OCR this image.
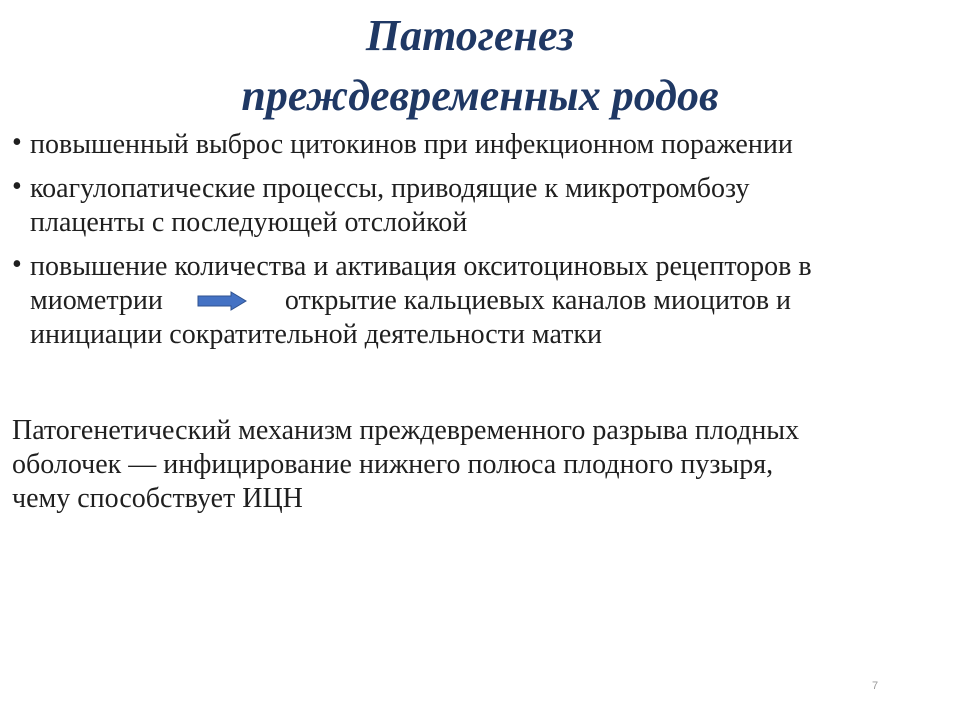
Патогенез
преждевременных родов
• повышенный выброс цитокинов при инфекционном поражении
• коагулопатические процессы, приводящие к микротромбозу
плаценты с последующей отслойкой
• повышение количества и активация окситоциновых рецепторов в
миометрии	открытие кальциевых каналов миоцитов и
инициации сократительной деятельности матки
Патогенетический механизм преждевременного разрыва плодных
оболочек — инфицирование нижнего полюса плодного пузыря,
чему способствует ИЦН
7
